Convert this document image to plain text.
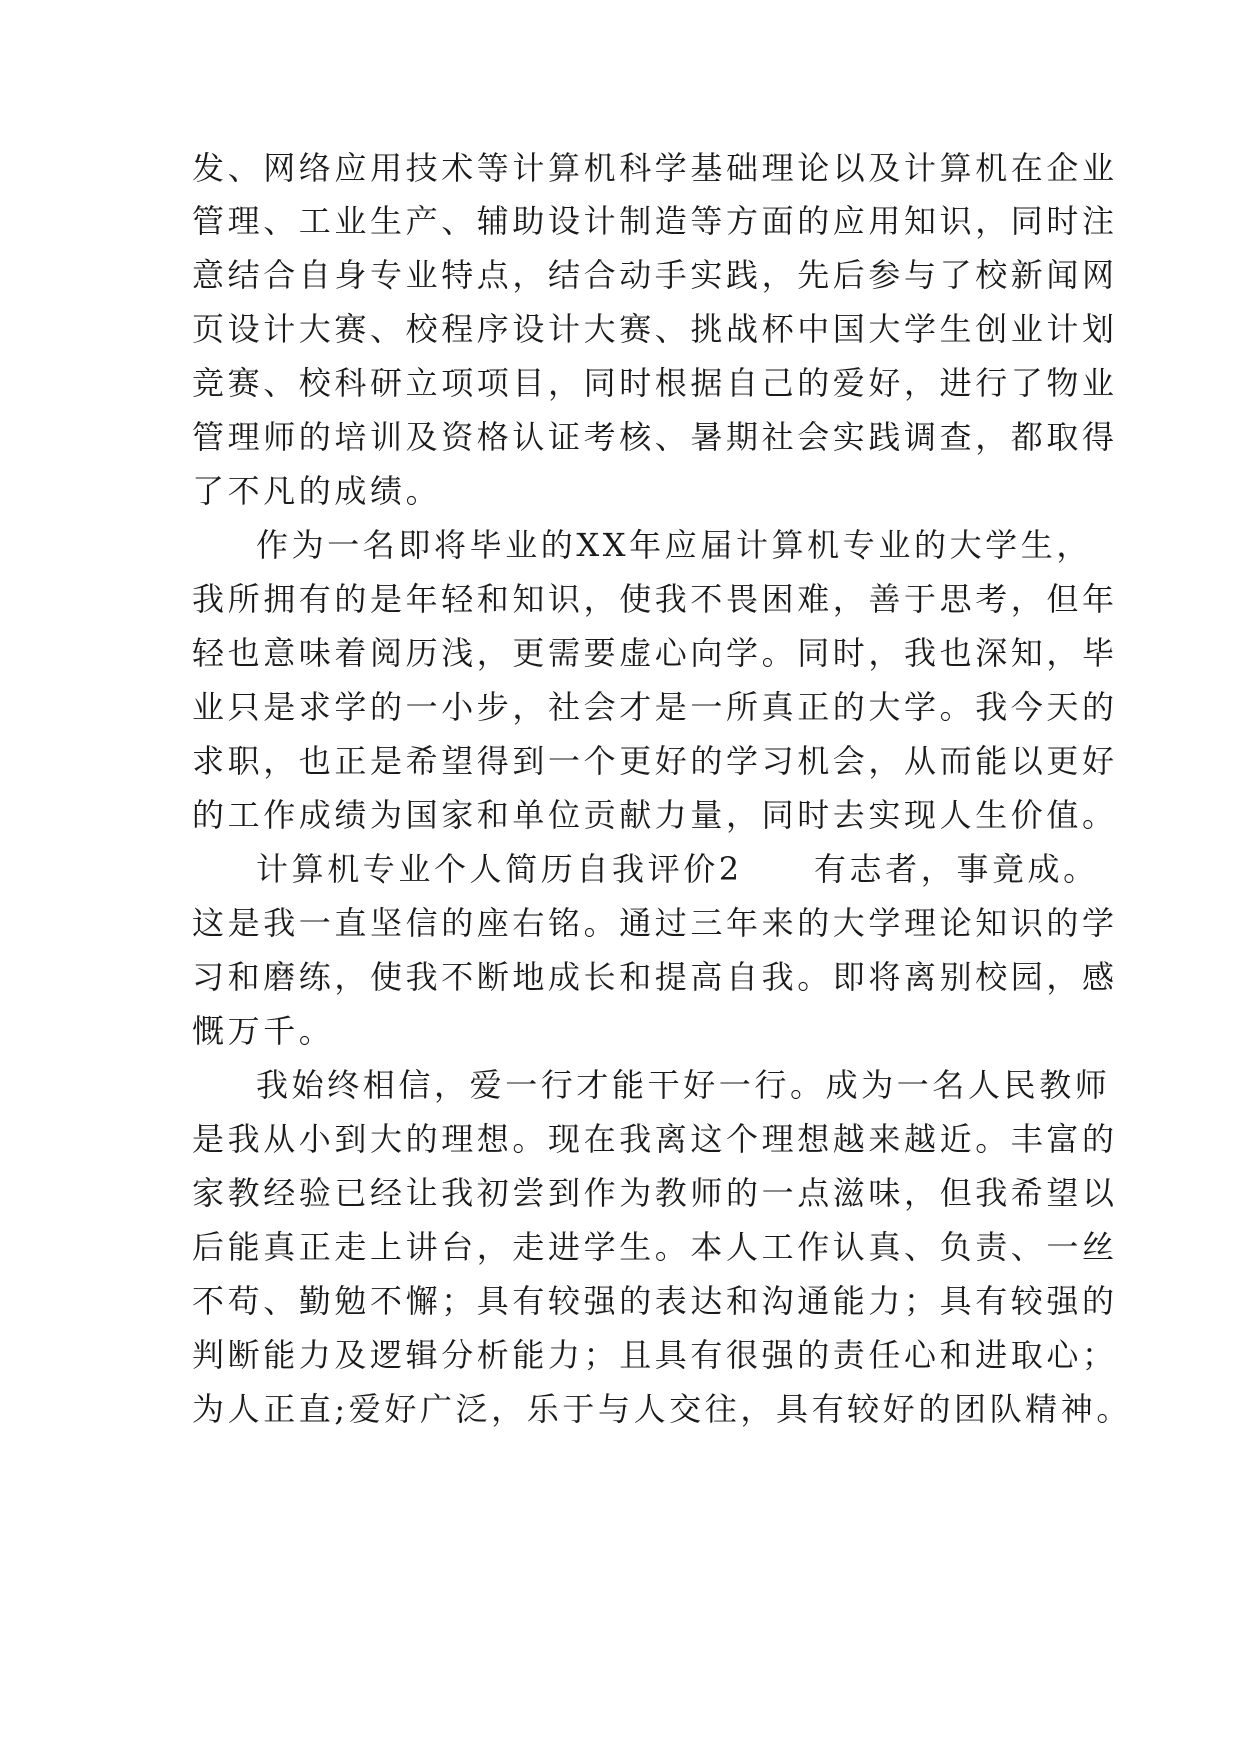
发、网络应用技术等计算机科学基础理论以及计算机在企业
管理、工业生产、辅助设计制造等方面的应用知识，同时注
意结合自身专业特点，结合动手实践，先后参与了校新闻网
页设计大赛、校程序设计大赛、挑战杯中国大学生创业计划
竞赛、校科研立项项目，同时根据自己的爱好，进行了物业
管理师的培训及资格认证考核、暑期社会实践调查，都取得
了不凡的成绩。
作为一名即将毕业的XX年应届计算机专业的大学生，
我所拥有的是年轻和知识，使我不畏困难，善于思考，但年
轻也意味着阅历浅，更需要虚心向学。同时，我也深知，毕
业只是求学的一小步，社会才是一所真正的大学。我今天的
求职，也正是希望得到一个更好的学习机会，从而能以更好
的工作成绩为国家和单位贡献力量，同时去实现人生价值。
计算机专业个人简历自我评价2　　有志者，事竟成。
这是我一直坚信的座右铭。通过三年来的大学理论知识的学
习和磨练，使我不断地成长和提高自我。即将离别校园，感
慨万千。
我始终相信，爱一行才能干好一行。成为一名人民教师
是我从小到大的理想。现在我离这个理想越来越近。丰富的
家教经验已经让我初尝到作为教师的一点滋味，但我希望以
后能真正走上讲台，走进学生。本人工作认真、负责、一丝
不苟、勤勉不懈；具有较强的表达和沟通能力；具有较强的
判断能力及逻辑分析能力；且具有很强的责任心和进取心；
为人正直;爱好广泛，乐于与人交往，具有较好的团队精神。
